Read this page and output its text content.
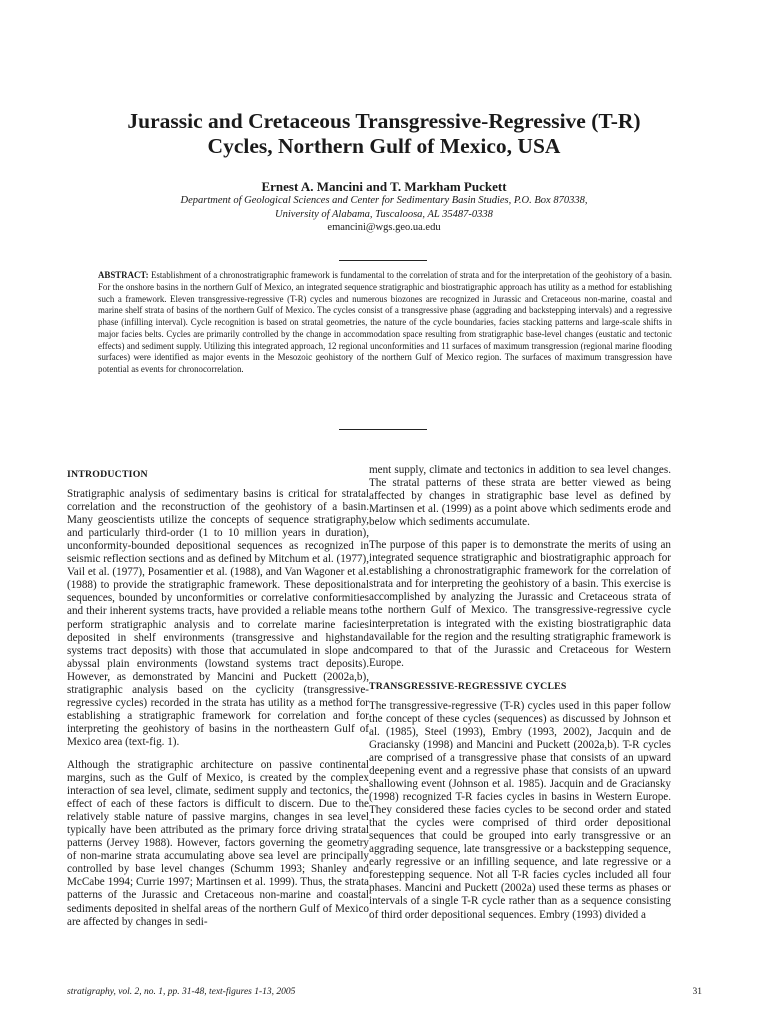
Jurassic and Cretaceous Transgressive-Regressive (T-R)
Cycles, Northern Gulf of Mexico, USA

Ernest A. Mancini and T. Markham Puckett

Department of Geological Sciences and Center for Sedimentary Basin Studies, P.O. Box 870338,
University of Alabama, Tuscaloosa, AL 35487-0338

emancini@wgs.geo.ua.edu

ABSTRACT: Establishment of a chronostratigraphic framework is fundamental to the correlation of strata and for the interpretation of the geohistory of a basin. For the onshore basins in the northern Gulf of Mexico, an integrated sequence stratigraphic and biostratigraphic approach has utility as a method for establishing such a framework. Eleven transgressive-regressive (T-R) cycles and numerous biozones are recognized in Jurassic and Cretaceous non-marine, coastal and marine shelf strata of basins of the northern Gulf of Mexico. The cycles consist of a transgressive phase (aggrading and backstepping intervals) and a regressive phase (infilling interval). Cycle recognition is based on stratal geometries, the nature of the cycle boundaries, facies stacking patterns and large-scale shifts in major facies belts. Cycles are primarily controlled by the change in accommodation space resulting from stratigraphic base-level changes (eustatic and tectonic effects) and sediment supply. Utilizing this integrated approach, 12 regional unconformities and 11 surfaces of maximum transgression (regional marine flooding surfaces) were identified as major events in the Mesozoic geohistory of the northern Gulf of Mexico region. The surfaces of maximum transgression have potential as events for chronocorrelation.

INTRODUCTION

Stratigraphic analysis of sedimentary basins is critical for stratal correlation and the reconstruction of the geohistory of a basin. Many geoscientists utilize the concepts of sequence stratigraphy, and particularly third-order (1 to 10 million years in duration), unconformity-bounded depositional sequences as recognized in seismic reflection sections and as defined by Mitchum et al. (1977), Vail et al. (1977), Posamentier et al. (1988), and Van Wagoner et al. (1988) to provide the stratigraphic framework. These depositional sequences, bounded by unconformities or correlative conformities and their inherent systems tracts, have provided a reliable means to perform stratigraphic analysis and to correlate marine facies deposited in shelf environments (transgressive and highstand systems tract deposits) with those that accumulated in slope and abyssal plain environments (lowstand systems tract deposits). However, as demonstrated by Mancini and Puckett (2002a,b), stratigraphic analysis based on the cyclicity (transgressive-regressive cycles) recorded in the strata has utility as a method for establishing a stratigraphic framework for correlation and for interpreting the geohistory of basins in the northeastern Gulf of Mexico area (text-fig. 1).

Although the stratigraphic architecture on passive continental margins, such as the Gulf of Mexico, is created by the complex interaction of sea level, climate, sediment supply and tectonics, the effect of each of these factors is difficult to discern. Due to the relatively stable nature of passive margins, changes in sea level typically have been attributed as the primary force driving stratal patterns (Jervey 1988). However, factors governing the geometry of non-marine strata accumulating above sea level are principally controlled by base level changes (Schumm 1993; Shanley and McCabe 1994; Currie 1997; Martinsen et al. 1999). Thus, the strata patterns of the Jurassic and Cretaceous non-marine and coastal sediments deposited in shelfal areas of the northern Gulf of Mexico are affected by changes in sedi-

ment supply, climate and tectonics in addition to sea level changes. The stratal patterns of these strata are better viewed as being affected by changes in stratigraphic base level as defined by Martinsen et al. (1999) as a point above which sediments erode and below which sediments accumulate.

The purpose of this paper is to demonstrate the merits of using an integrated sequence stratigraphic and biostratigraphic approach for establishing a chronostratigraphic framework for the correlation of strata and for interpreting the geohistory of a basin. This exercise is accomplished by analyzing the Jurassic and Cretaceous strata of the northern Gulf of Mexico. The transgressive-regressive cycle interpretation is integrated with the existing biostratigraphic data available for the region and the resulting stratigraphic framework is compared to that of the Jurassic and Cretaceous for Western Europe.

TRANSGRESSIVE-REGRESSIVE CYCLES

The transgressive-regressive (T-R) cycles used in this paper follow the concept of these cycles (sequences) as discussed by Johnson et al. (1985), Steel (1993), Embry (1993, 2002), Jacquin and de Graciansky (1998) and Mancini and Puckett (2002a,b). T-R cycles are comprised of a transgressive phase that consists of an upward deepening event and a regressive phase that consists of an upward shallowing event (Johnson et al. 1985). Jacquin and de Graciansky (1998) recognized T-R facies cycles in basins in Western Europe. They considered these facies cycles to be second order and stated that the cycles were comprised of third order depositional sequences that could be grouped into early transgressive or an aggrading sequence, late transgressive or a backstepping sequence, early regressive or an infilling sequence, and late regressive or a forestepping sequence. Not all T-R facies cycles included all four phases. Mancini and Puckett (2002a) used these terms as phases or intervals of a single T-R cycle rather than as a sequence consisting of third order depositional sequences. Embry (1993) divided a

stratigraphy, vol. 2, no. 1, pp. 31-48, text-figures 1-13, 2005	31
